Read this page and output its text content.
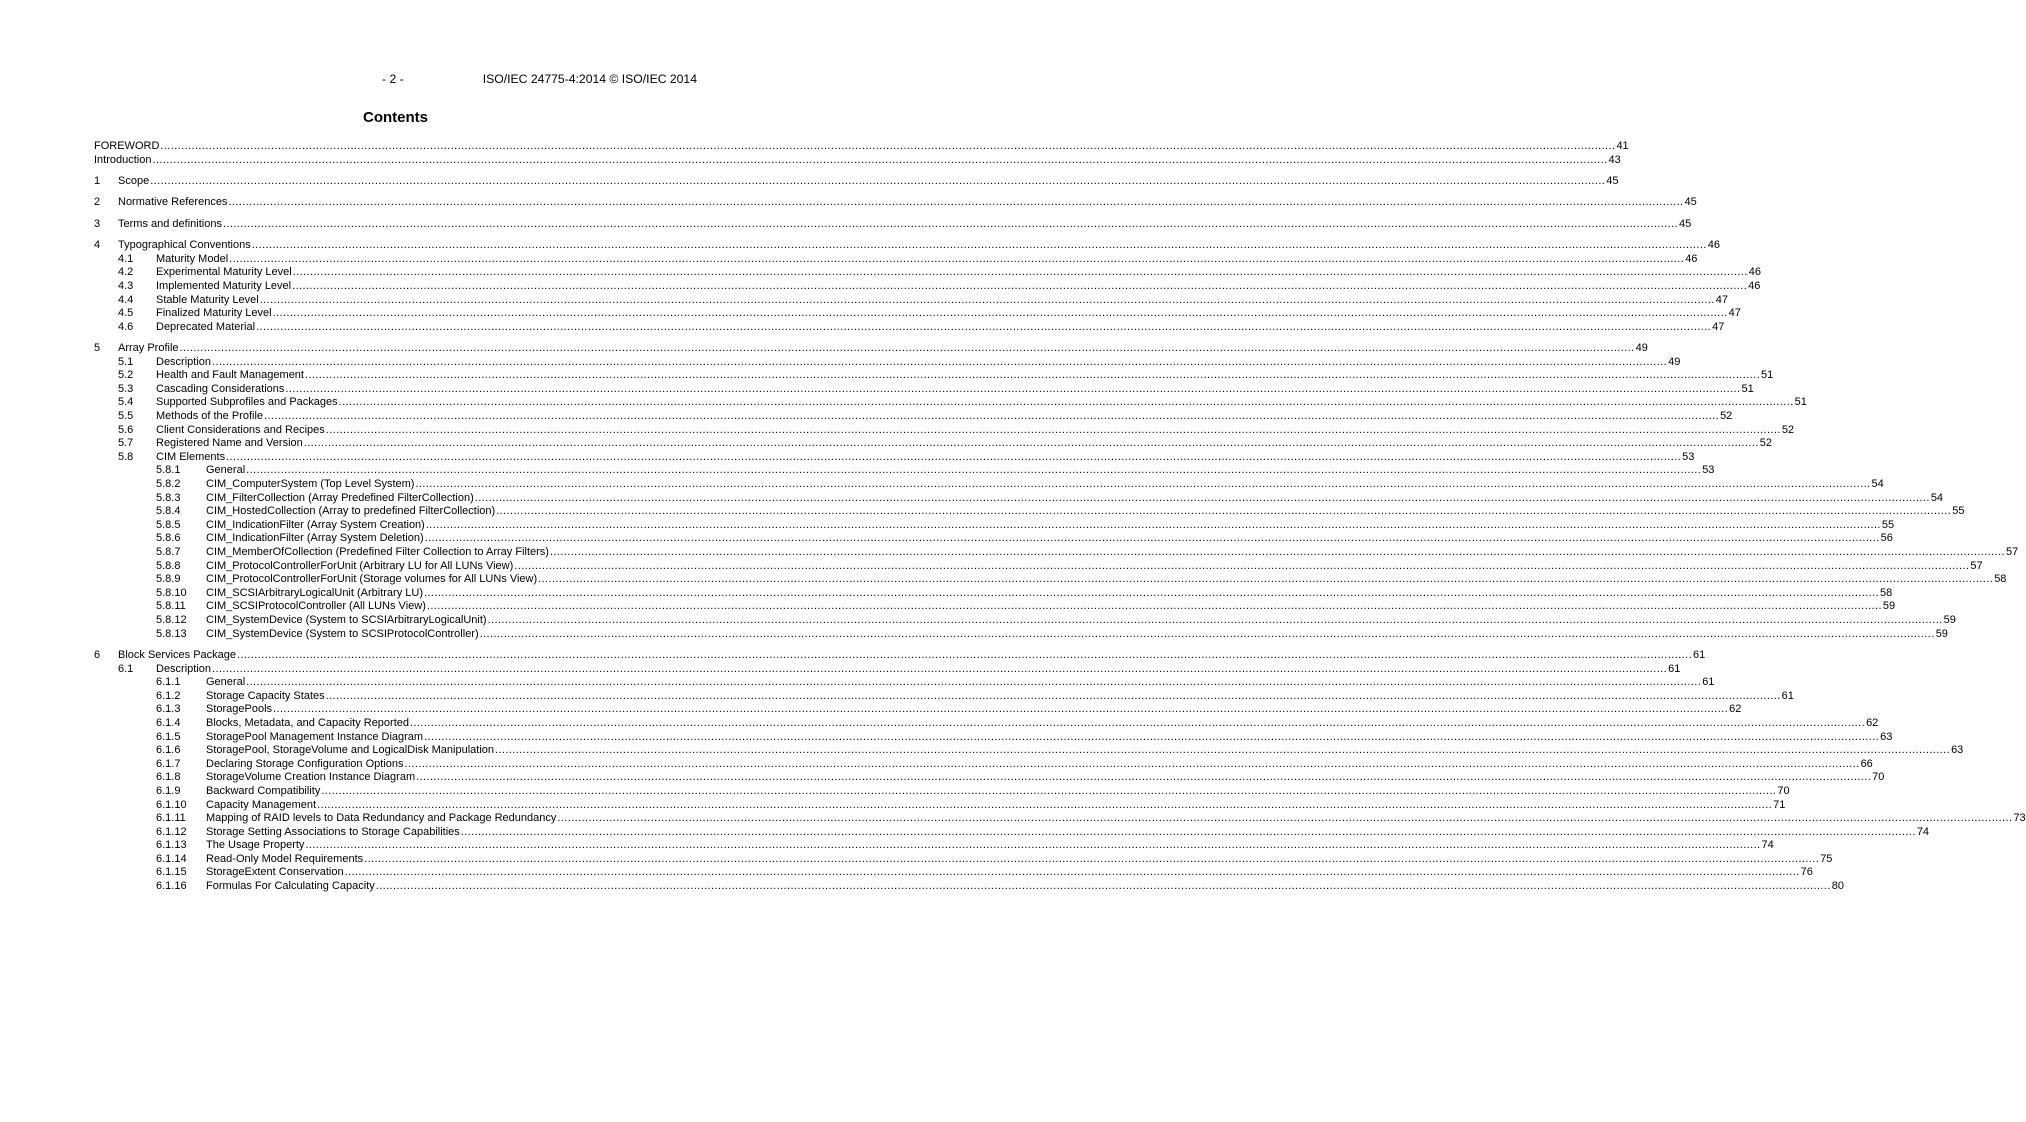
- 2 -	ISO/IEC 24775-4:2014 © ISO/IEC 2014
Contents
FOREWORD .....	41
Introduction .....	43
1	Scope .....	45
2	Normative References .....	45
3	Terms and definitions .....	45
4	Typographical Conventions .....	46
4.1	Maturity Model .....	46
4.2	Experimental Maturity Level .....	46
4.3	Implemented Maturity Level .....	46
4.4	Stable Maturity Level .....	47
4.5	Finalized Maturity Level .....	47
4.6	Deprecated Material .....	47
5	Array Profile .....	49
5.1	Description .....	49
5.2	Health and Fault Management .....	51
5.3	Cascading Considerations .....	51
5.4	Supported Subprofiles and Packages .....	51
5.5	Methods of the Profile .....	52
5.6	Client Considerations and Recipes .....	52
5.7	Registered Name and Version .....	52
5.8	CIM Elements .....	53
5.8.1	General .....	53
5.8.2	CIM_ComputerSystem (Top Level System) .....	54
5.8.3	CIM_FilterCollection (Array Predefined FilterCollection) .....	54
5.8.4	CIM_HostedCollection (Array to predefined FilterCollection) .....	55
5.8.5	CIM_IndicationFilter (Array System Creation) .....	55
5.8.6	CIM_IndicationFilter (Array System Deletion) .....	56
5.8.7	CIM_MemberOfCollection (Predefined Filter Collection to Array Filters) .....	57
5.8.8	CIM_ProtocolControllerForUnit (Arbitrary LU for All LUNs View) .....	57
5.8.9	CIM_ProtocolControllerForUnit (Storage volumes for All LUNs View) .....	58
5.8.10	CIM_SCSIArbitraryLogicalUnit (Arbitrary LU) .....	58
5.8.11	CIM_SCSIProtocolController (All LUNs View) .....	59
5.8.12	CIM_SystemDevice (System to SCSIArbitraryLogicalUnit) .....	59
5.8.13	CIM_SystemDevice (System to SCSIProtocolController) .....	59
6	Block Services Package .....	61
6.1	Description .....	61
6.1.1	General .....	61
6.1.2	Storage Capacity States .....	61
6.1.3	StoragePools .....	62
6.1.4	Blocks, Metadata, and Capacity Reported .....	62
6.1.5	StoragePool Management Instance Diagram .....	63
6.1.6	StoragePool, StorageVolume and LogicalDisk Manipulation .....	63
6.1.7	Declaring Storage Configuration Options .....	66
6.1.8	StorageVolume Creation Instance Diagram .....	70
6.1.9	Backward Compatibility .....	70
6.1.10	Capacity Management .....	71
6.1.11	Mapping of RAID levels to Data Redundancy and Package Redundancy .....	73
6.1.12	Storage Setting Associations to Storage Capabilities .....	74
6.1.13	The Usage Property .....	74
6.1.14	Read-Only Model Requirements .....	75
6.1.15	StorageExtent Conservation .....	76
6.1.16	Formulas For Calculating Capacity .....	80
